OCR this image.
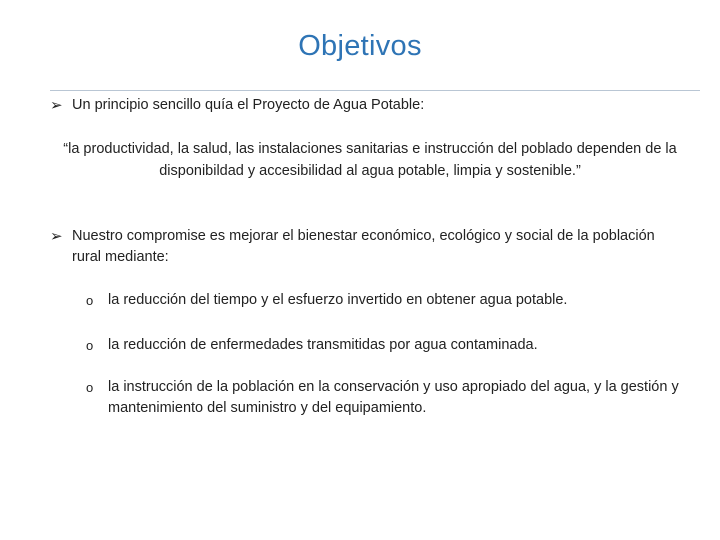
Objetivos
➢ Un principio sencillo quía el Proyecto de Agua Potable:
“la productividad, la salud, las instalaciones sanitarias e instrucción del poblado dependen de la disponibildad y accesibilidad al agua potable, limpia y sostenible.”
➢ Nuestro compromise es mejorar el bienestar económico, ecológico y social de la población rural mediante:
o	la reducción del tiempo y el esfuerzo invertido en obtener agua potable.
o	la reducción de enfermedades transmitidas por agua contaminada.
o	la instrucción de la población en la conservación y uso apropiado del agua, y la gestión y mantenimiento del suministro y del equipamiento.
